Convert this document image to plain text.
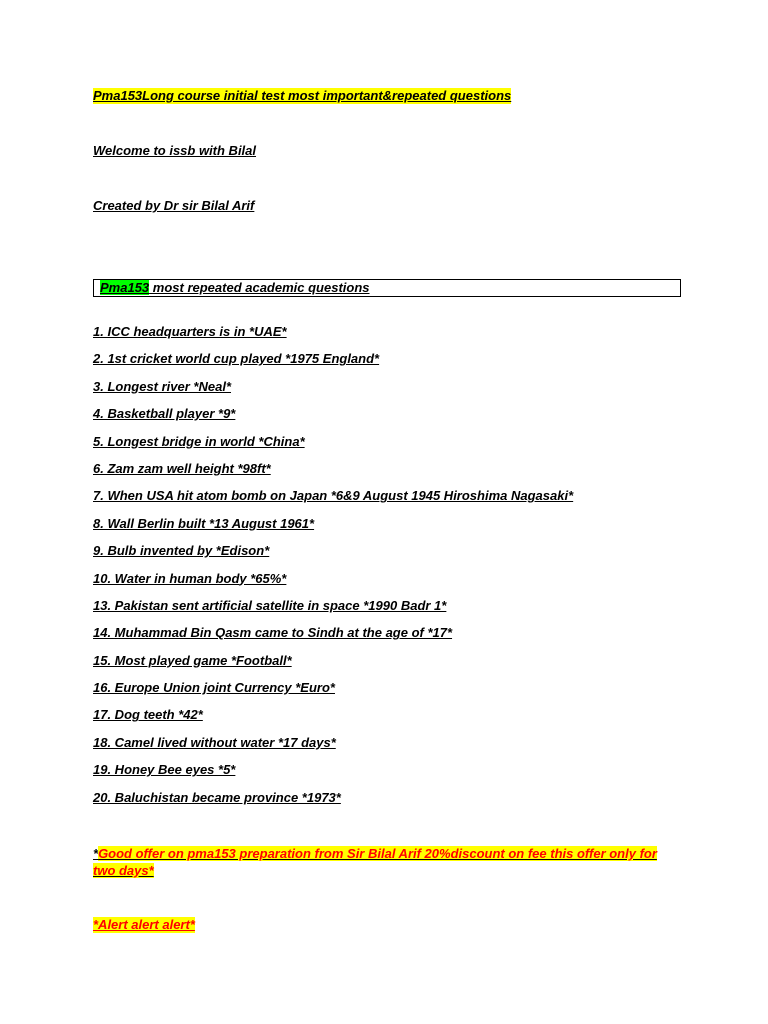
Pma153Long course initial test most important&repeated questions
Welcome to issb with Bilal
Created by Dr sir Bilal Arif
Pma153 most repeated academic questions
1. ICC headquarters is in *UAE*
2. 1st cricket world cup played *1975 England*
3. Longest river *Neal*
4. Basketball player *9*
5. Longest bridge in world *China*
6. Zam zam well height *98ft*
7. When USA hit atom bomb on Japan *6&9 August 1945 Hiroshima Nagasaki*
8. Wall Berlin built *13 August 1961*
9. Bulb invented by *Edison*
10. Water in human body *65%*
13. Pakistan sent artificial satellite in space *1990 Badr 1*
14. Muhammad Bin Qasm came to Sindh at the age of *17*
15. Most played game *Football*
16. Europe Union joint Currency *Euro*
17. Dog teeth *42*
18. Camel lived without water *17 days*
19. Honey Bee eyes *5*
20. Baluchistan became province *1973*
*Good offer on pma153 preparation from Sir Bilal Arif 20%discount on fee this offer only for two days*
*Alert alert alert*
